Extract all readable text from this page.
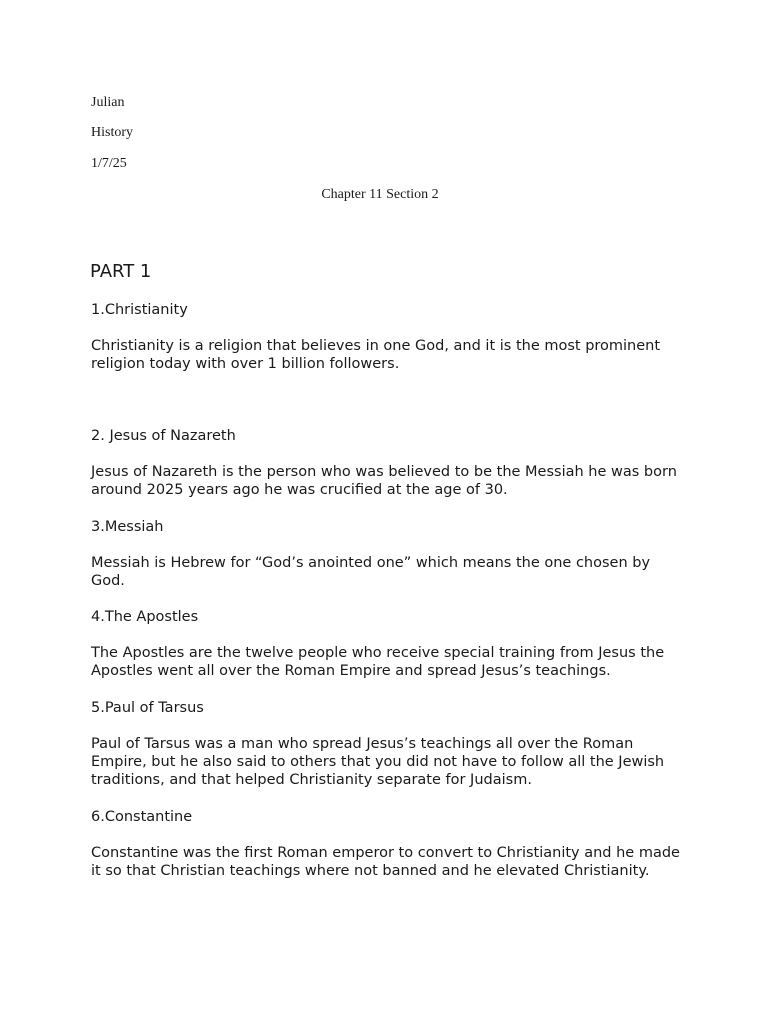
Julian

History

1/7/25

Chapter 11 Section 2

PART 1

1.Christianity

Christianity is a religion that believes in one God, and it is the most prominent religion today with over 1 billion followers.

2. Jesus of Nazareth

Jesus of Nazareth is the person who was believed to be the Messiah he was born around 2025 years ago he was crucified at the age of 30.

3.Messiah

Messiah is Hebrew for “God’s anointed one” which means the one chosen by God.

4.The Apostles

The Apostles are the twelve people who receive special training from Jesus the Apostles went all over the Roman Empire and spread Jesus’s teachings.

5.Paul of Tarsus

Paul of Tarsus was a man who spread Jesus’s teachings all over the Roman Empire, but he also said to others that you did not have to follow all the Jewish traditions, and that helped Christianity separate for Judaism.

6.Constantine

Constantine was the first Roman emperor to convert to Christianity and he made it so that Christian teachings where not banned and he elevated Christianity.
